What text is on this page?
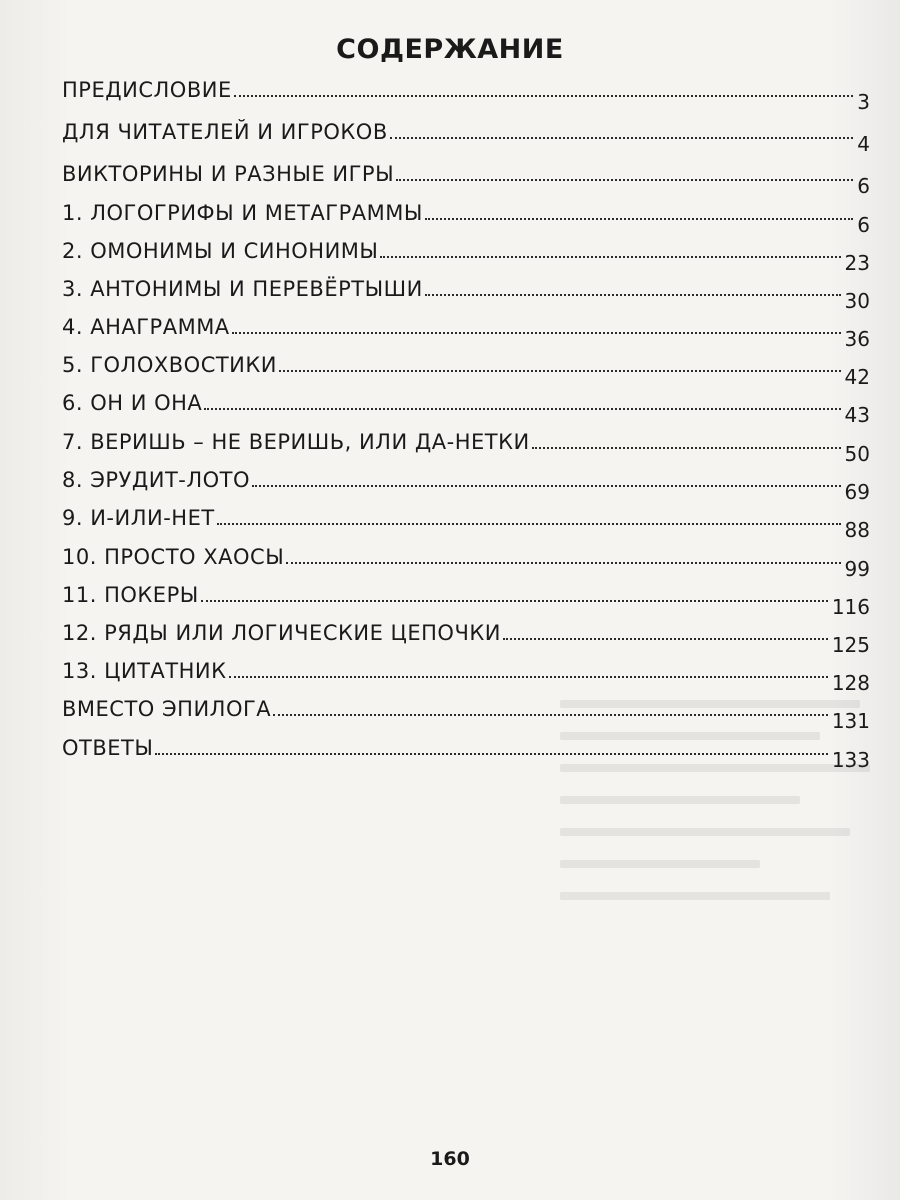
СОДЕРЖАНИЕ
ПРЕДИСЛОВИЕ	3
ДЛЯ ЧИТАТЕЛЕЙ И ИГРОКОВ	4
ВИКТОРИНЫ И РАЗНЫЕ ИГРЫ	6
1. ЛОГОГРИФЫ И МЕТАГРАММЫ	6
2. ОМОНИМЫ И СИНОНИМЫ	23
3. АНТОНИМЫ И ПЕРЕВЁРТЫШИ	30
4. АНАГРАММА	36
5. ГОЛОХВОСТИКИ	42
6. ОН И ОНА	43
7. ВЕРИШЬ – НЕ ВЕРИШЬ, ИЛИ ДА-НЕТКИ	50
8. ЭРУДИТ-ЛОТО	69
9. И-ИЛИ-НЕТ	88
10. ПРОСТО ХАОСЫ	99
11. ПОКЕРЫ	116
12. РЯДЫ ИЛИ ЛОГИЧЕСКИЕ ЦЕПОЧКИ	125
13. ЦИТАТНИК	128
ВМЕСТО ЭПИЛОГА	131
ОТВЕТЫ	133
160
